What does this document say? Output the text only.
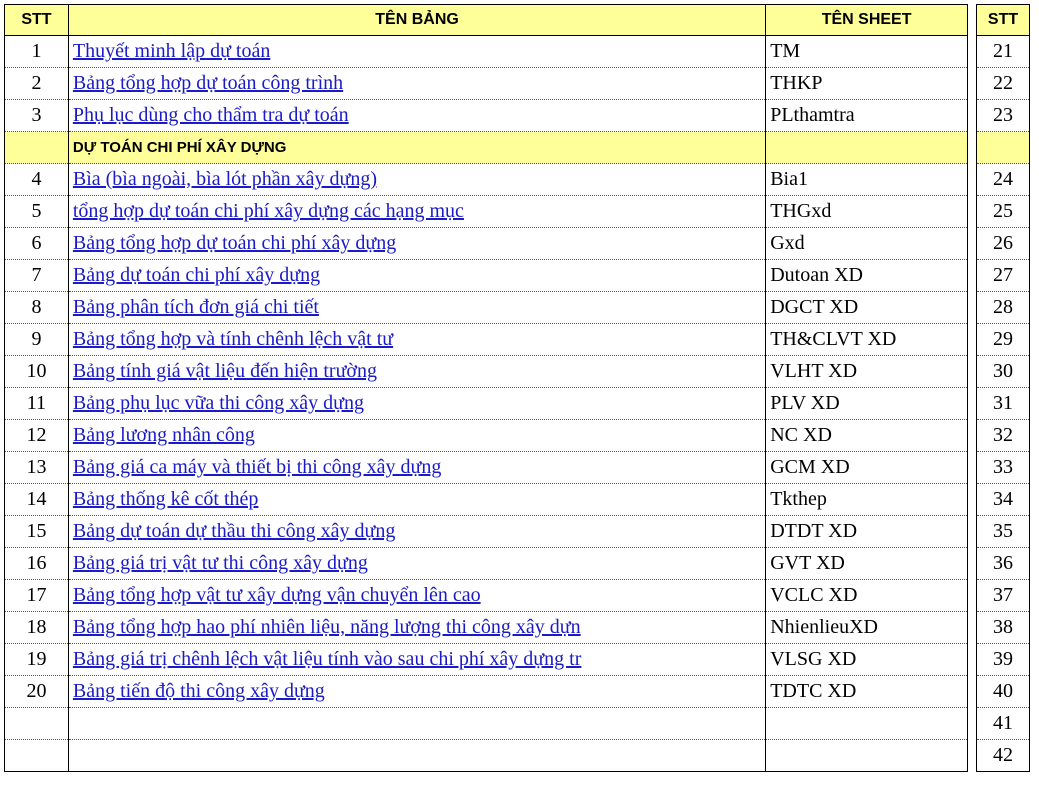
STT	TÊN BẢNG	TÊN SHEET
1	Thuyết minh lập dự toán	TM
2	Bảng tổng hợp dự toán công trình	THKP
3	Phụ lục dùng cho thẩm tra dự toán	PLthamtra
	DỰ TOÁN CHI PHÍ XÂY DỰNG	
4	Bìa (bìa ngoài, bìa lót phần xây dựng)	Bia1
5	tổng hợp dự toán chi phí xây dựng các hạng mục	THGxd
6	Bảng tổng hợp dự toán chi phí xây dựng	Gxd
7	Bảng dự toán chi phí xây dựng	Dutoan XD
8	Bảng phân tích đơn giá chi tiết	DGCT XD
9	Bảng tổng hợp và tính chênh lệch vật tư	TH&CLVT XD
10	Bảng tính giá vật liệu đến hiện trường	VLHT XD
11	Bảng phụ lục vữa thi công xây dựng	PLV XD
12	Bảng lương nhân công	NC XD
13	Bảng giá ca máy và thiết bị thi công xây dựng	GCM XD
14	Bảng thống kê cốt thép	Tkthep
15	Bảng dự toán dự thầu thi công xây dựng	DTDT XD
16	Bảng giá trị vật tư thi công xây dựng	GVT XD
17	Bảng tổng hợp vật tư xây dựng vận chuyển lên cao	VCLC XD
18	Bảng tổng hợp hao phí nhiên liệu, năng lượng thi công xây dựn	NhienlieuXD
19	Bảng giá trị chênh lệch vật liệu tính vào sau chi phí xây dựng tr	VLSG XD
20	Bảng tiến độ thi công xây dựng	TDTC XD

STT
21
22
23

24
25
26
27
28
29
30
31
32
33
34
35
36
37
38
39
40
41
42
